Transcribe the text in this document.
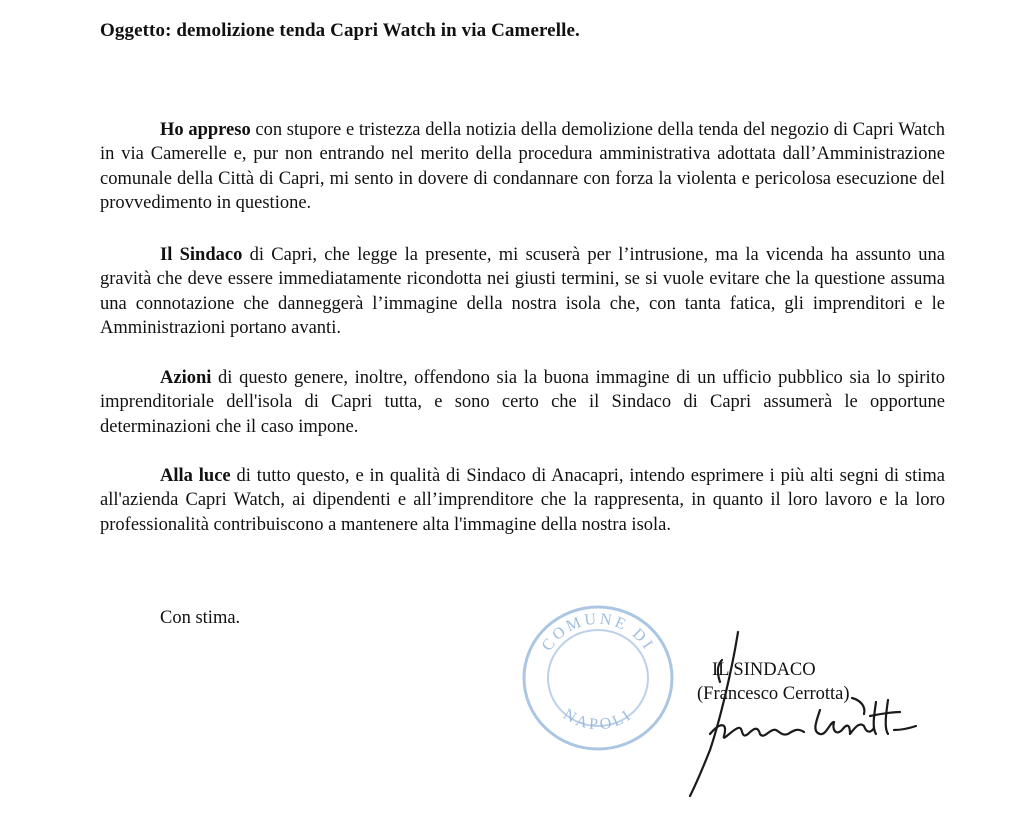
Oggetto: demolizione tenda Capri Watch in via Camerelle.
Ho appreso con stupore e tristezza della notizia della demolizione della tenda del negozio di Capri Watch in via Camerelle e, pur non entrando nel merito della procedura amministrativa adottata dall’Amministrazione comunale della Città di Capri, mi sento in dovere di condannare con forza la violenta e pericolosa esecuzione del provvedimento in questione.
Il Sindaco di Capri, che legge la presente, mi scuserà per l’intrusione, ma la vicenda ha assunto una gravità che deve essere immediatamente ricondotta nei giusti termini, se si vuole evitare che la questione assuma una connotazione che danneggerà l’immagine della nostra isola che, con tanta fatica, gli imprenditori e le Amministrazioni portano avanti.
Azioni di questo genere, inoltre, offendono sia la buona immagine di un ufficio pubblico sia lo spirito imprenditoriale dell'isola di Capri tutta, e sono certo che il Sindaco di Capri assumerà le opportune determinazioni che il caso impone.
Alla luce di tutto questo, e in qualità di Sindaco di Anacapri, intendo esprimere i più alti segni di stima all'azienda Capri Watch, ai dipendenti e all’imprenditore che la rappresenta, in quanto il loro lavoro e la loro professionalità contribuiscono a mantenere alta l'immagine della nostra isola.
Con stima.
COMUNE DI
NAPOLI
IL SINDACO
(Francesco Cerrotta)
